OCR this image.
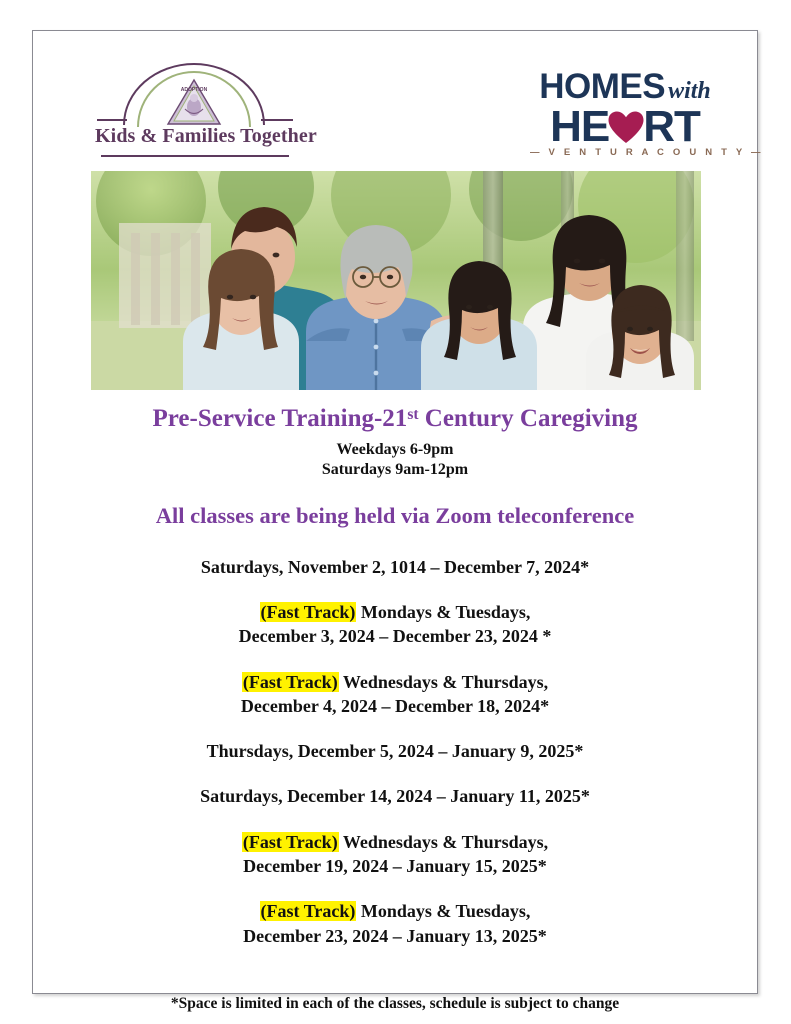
ADOPTION
Kids & Families Together
HOMES with
HE RT
— V E N T U R A C O U N T Y —
Pre-Service Training-21st Century Caregiving
Weekdays 6-9pm
Saturdays 9am-12pm
All classes are being held via Zoom teleconference
Saturdays, November 2, 1014 – December 7, 2024*
(Fast Track) Mondays & Tuesdays,
December 3, 2024 – December 23, 2024 *
(Fast Track) Wednesdays & Thursdays,
December 4, 2024 – December 18, 2024*
Thursdays, December 5, 2024 – January 9, 2025*
Saturdays, December 14, 2024 – January 11, 2025*
(Fast Track) Wednesdays & Thursdays,
December 19, 2024 – January 15, 2025*
(Fast Track) Mondays & Tuesdays,
December 23, 2024 – January 13, 2025*
*Space is limited in each of the classes, schedule is subject to change
